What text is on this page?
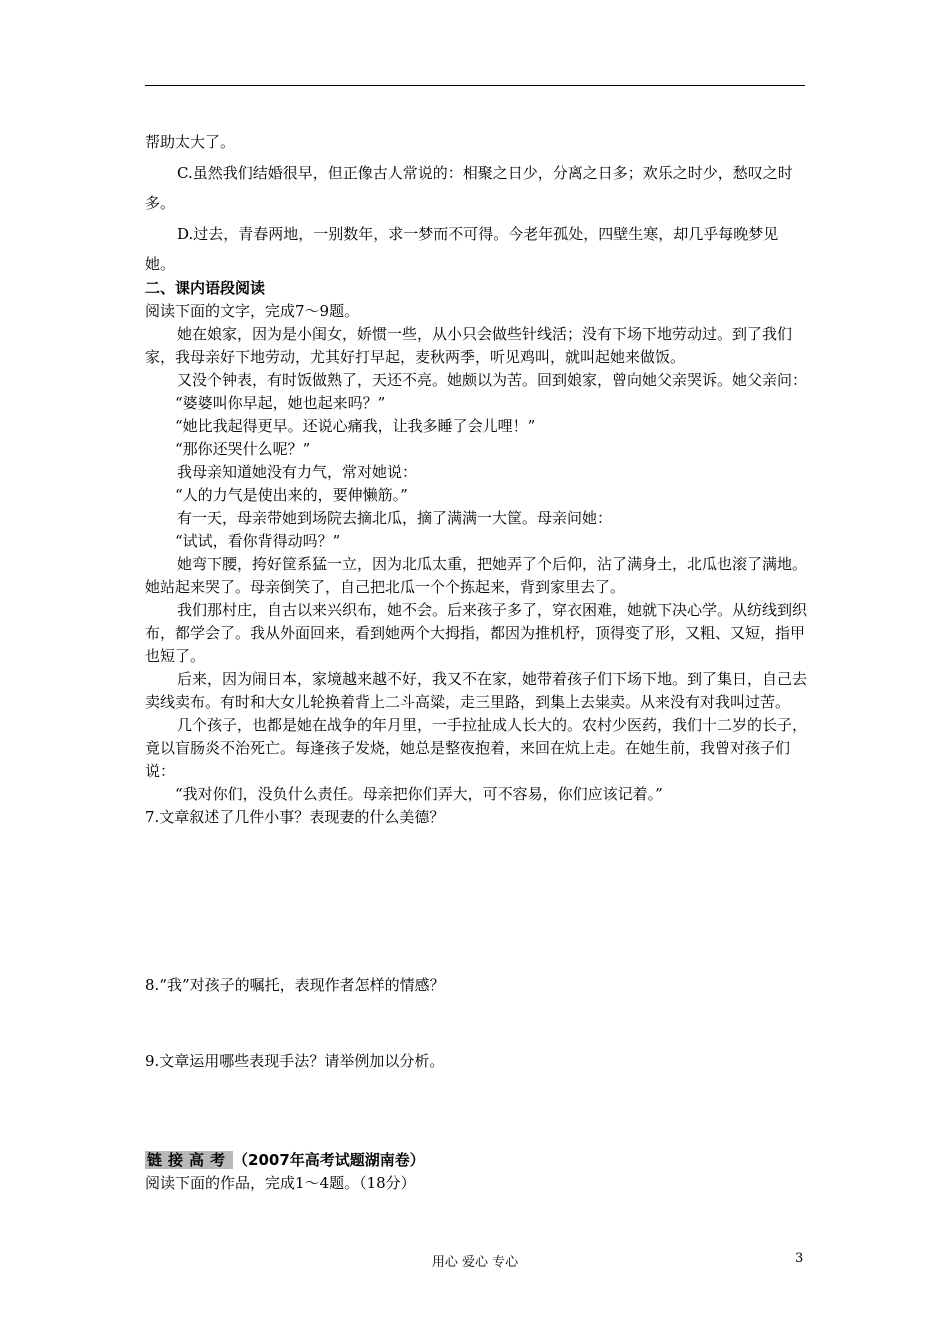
帮助太大了。

C.虽然我们结婚很早，但正像古人常说的：相聚之日少，分离之日多；欢乐之时少，愁叹之时多。

D.过去，青春两地，一别数年，求一梦而不可得。今老年孤处，四壁生寒，却几乎每晚梦见她。

二、课内语段阅读

阅读下面的文字，完成7～9题。

她在娘家，因为是小闺女，娇惯一些，从小只会做些针线活；没有下场下地劳动过。到了我们家，我母亲好下地劳动，尤其好打早起，麦秋两季，听见鸡叫，就叫起她来做饭。

又没个钟表，有时饭做熟了，天还不亮。她颇以为苦。回到娘家，曾向她父亲哭诉。她父亲问：

“婆婆叫你早起，她也起来吗？”

“她比我起得更早。还说心痛我，让我多睡了会儿哩！”

“那你还哭什么呢？”

我母亲知道她没有力气，常对她说：

“人的力气是使出来的，要伸懒筋。”

有一天，母亲带她到场院去摘北瓜，摘了满满一大筐。母亲问她：

“试试，看你背得动吗？”

她弯下腰，挎好筐系猛一立，因为北瓜太重，把她弄了个后仰，沾了满身土，北瓜也滚了满地。她站起来哭了。母亲倒笑了，自己把北瓜一个个拣起来，背到家里去了。

我们那村庄，自古以来兴织布，她不会。后来孩子多了，穿衣困难，她就下决心学。从纺线到织布，都学会了。我从外面回来，看到她两个大拇指，都因为推机杼，顶得变了形，又粗、又短，指甲也短了。

后来，因为闹日本，家境越来越不好，我又不在家，她带着孩子们下场下地。到了集日，自己去卖线卖布。有时和大女儿轮换着背上二斗高粱，走三里路，到集上去粜卖。从来没有对我叫过苦。

几个孩子，也都是她在战争的年月里，一手拉扯成人长大的。农村少医药，我们十二岁的长子，竟以盲肠炎不治死亡。每逢孩子发烧，她总是整夜抱着，来回在炕上走。在她生前，我曾对孩子们说：

“我对你们，没负什么责任。母亲把你们弄大，可不容易，你们应该记着。”

7.文章叙述了几件小事？表现妻的什么美德？

8.“我”对孩子的嘱托，表现作者怎样的情感？

9.文章运用哪些表现手法？请举例加以分析。

链接高考 （2007年高考试题湖南卷）

阅读下面的作品，完成1～4题。（18分）

用心 爱心 专心	3
